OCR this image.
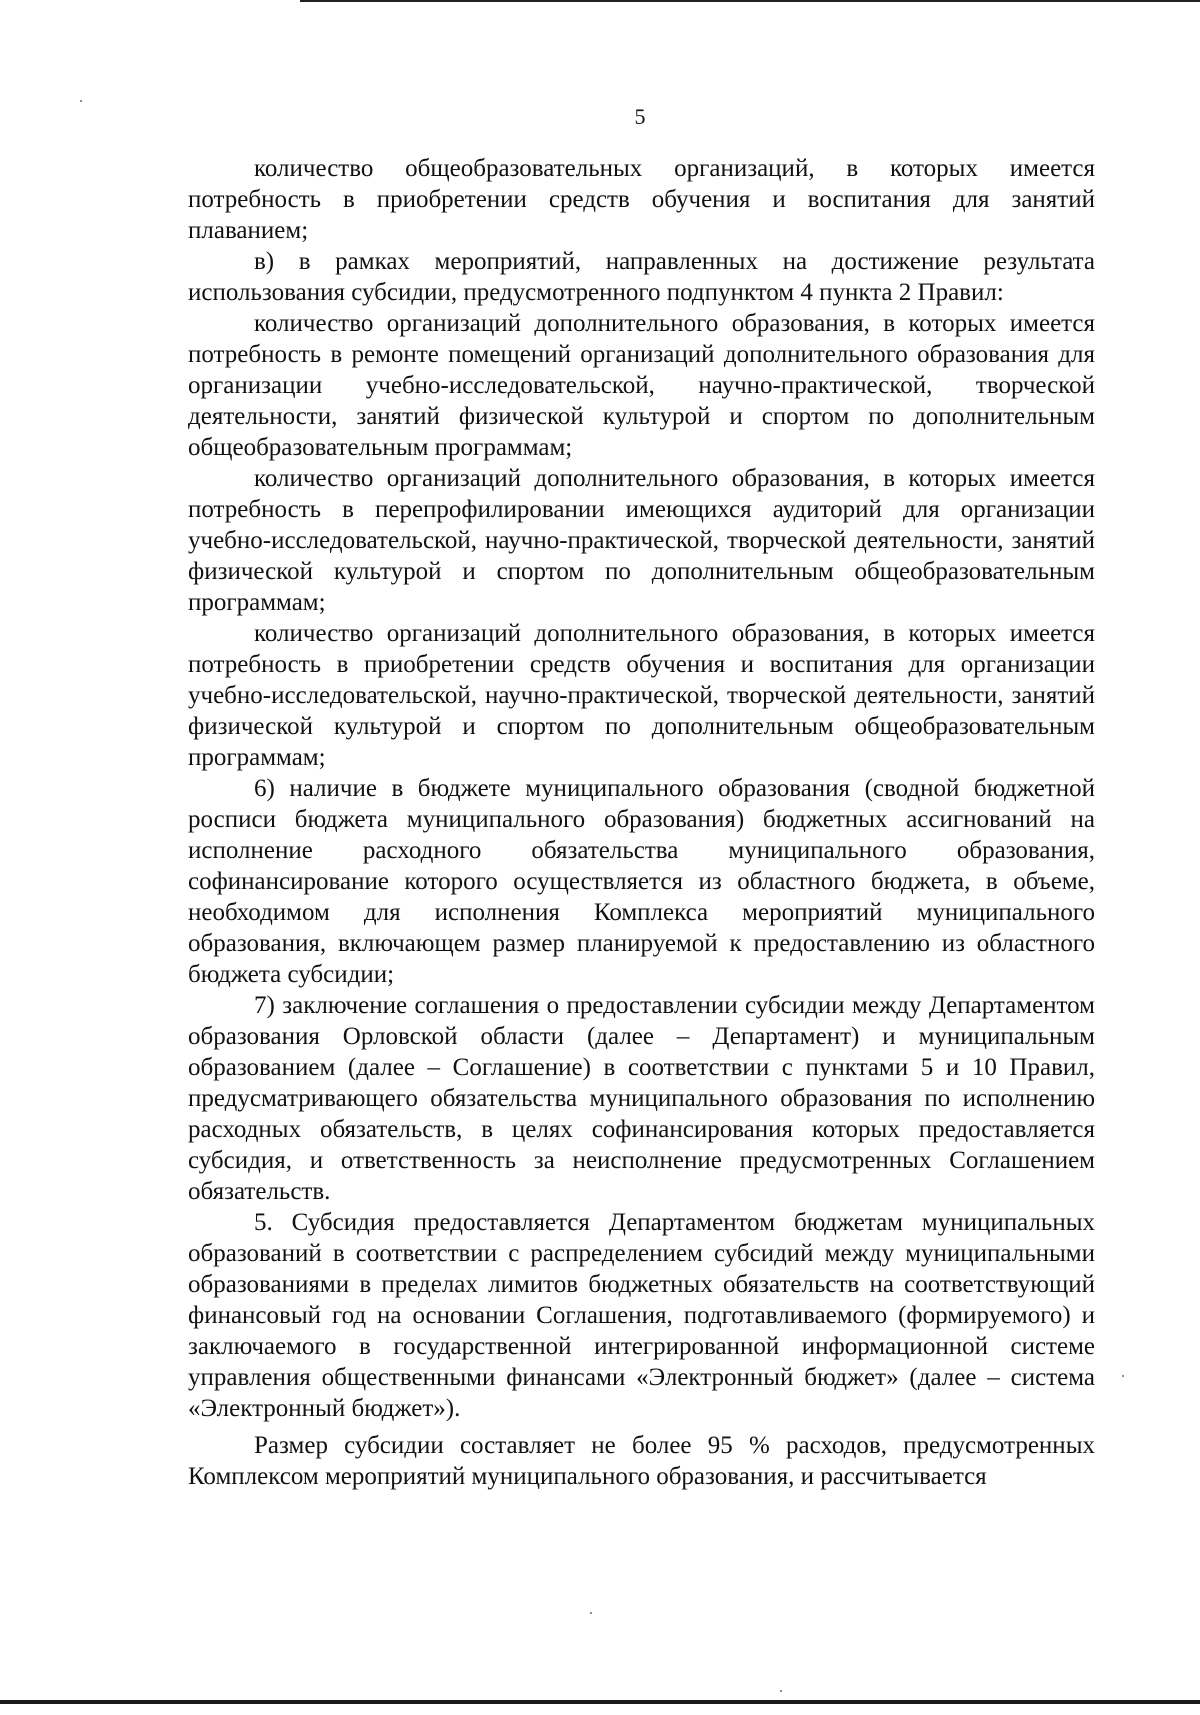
5

количество общеобразовательных организаций, в которых имеется потребность в приобретении средств обучения и воспитания для занятий плаванием;

в) в рамках мероприятий, направленных на достижение результата использования субсидии, предусмотренного подпунктом 4 пункта 2 Правил:

количество организаций дополнительного образования, в которых имеется потребность в ремонте помещений организаций дополнительного образования для организации учебно-исследовательской, научно-практической, творческой деятельности, занятий физической культурой и спортом по дополнительным общеобразовательным программам;

количество организаций дополнительного образования, в которых имеется потребность в перепрофилировании имеющихся аудиторий для организации учебно-исследовательской, научно-практической, творческой деятельности, занятий физической культурой и спортом по дополнительным общеобразовательным программам;

количество организаций дополнительного образования, в которых имеется потребность в приобретении средств обучения и воспитания для организации учебно-исследовательской, научно-практической, творческой деятельности, занятий физической культурой и спортом по дополнительным общеобразовательным программам;

6) наличие в бюджете муниципального образования (сводной бюджетной росписи бюджета муниципального образования) бюджетных ассигнований на исполнение расходного обязательства муниципального образования, софинансирование которого осуществляется из областного бюджета, в объеме, необходимом для исполнения Комплекса мероприятий муниципального образования, включающем размер планируемой к предоставлению из областного бюджета субсидии;

7) заключение соглашения о предоставлении субсидии между Департаментом образования Орловской области (далее – Департамент) и муниципальным образованием (далее – Соглашение) в соответствии с пунктами 5 и 10 Правил, предусматривающего обязательства муниципального образования по исполнению расходных обязательств, в целях софинансирования которых предоставляется субсидия, и ответственность за неисполнение предусмотренных Соглашением обязательств.

5. Субсидия предоставляется Департаментом бюджетам муниципальных образований в соответствии с распределением субсидий между муниципальными образованиями в пределах лимитов бюджетных обязательств на соответствующий финансовый год на основании Соглашения, подготавливаемого (формируемого) и заключаемого в государственной интегрированной информационной системе управления общественными финансами «Электронный бюджет» (далее – система «Электронный бюджет»).

Размер субсидии составляет не более 95 % расходов, предусмотренных Комплексом мероприятий муниципального образования, и рассчитывается
